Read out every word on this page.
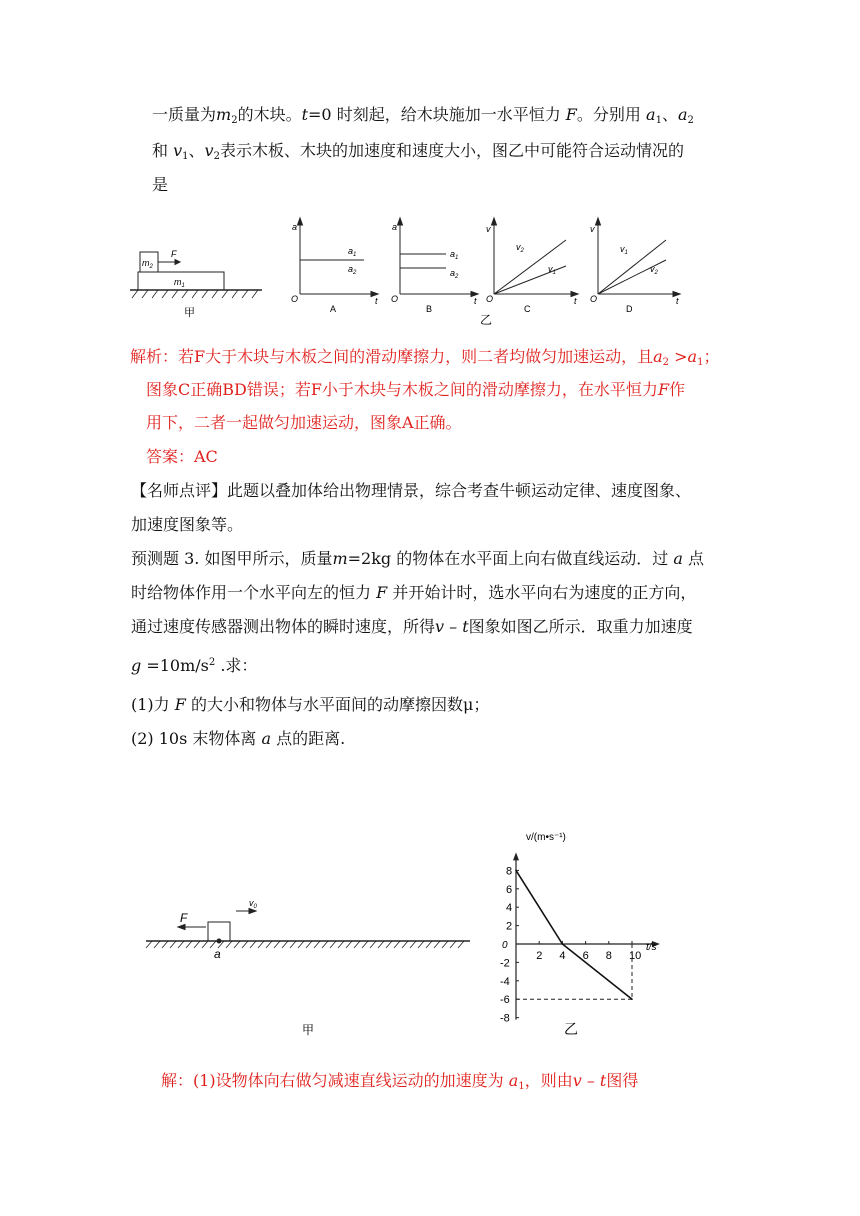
一质量为$m_2$的木块。t=0 时刻起，给木块施加一水平恒力 F。分别用 $a_1$、$a_2$
和 $v_1$、$v_2$表示木板、木块的加速度和速度大小，图乙中可能符合运动情况的
是
$m_2$
$m_1$
F
甲	乙
a
O	t
$a_1$
$a_2$
A
a
O	t
$a_1$
$a_2$
B
v
O	t
$v_2$
$v_1$
C
v
O	t
$v_1$
$v_2$
D
解析：若F大于木块与木板之间的滑动摩擦力，则二者均做匀加速运动，且$a_2 >a_1$；
图象C正确BD错误；若F小于木块与木板之间的滑动摩擦力，在水平恒力F作
用下，二者一起做匀加速运动，图象A正确。
答案：AC
【名师点评】此题以叠加体给出物理情景，综合考查牛顿运动定律、速度图象、
加速度图象等。
预测题 3. 如图甲所示，质量m=2kg 的物体在水平面上向右做直线运动．过 a 点
时给物体作用一个水平向左的恒力 F 并开始计时，选水平向右为速度的正方向，
通过速度传感器测出物体的瞬时速度，所得v – t图象如图乙所示．取重力加速度
$g =10m/s^2$ .求：
(1)力 F 的大小和物体与水平面间的动摩擦因数μ；
(2) 10s 末物体离 a 点的距离.
F
$v_0$
a
甲
2 4 6 8 10
8
6
4
2
-2
-4
-6
-8
v/(m•s⁻¹)
t/s
0
乙
解：(1)设物体向右做匀减速直线运动的加速度为 $a_1$，则由v – t图得
